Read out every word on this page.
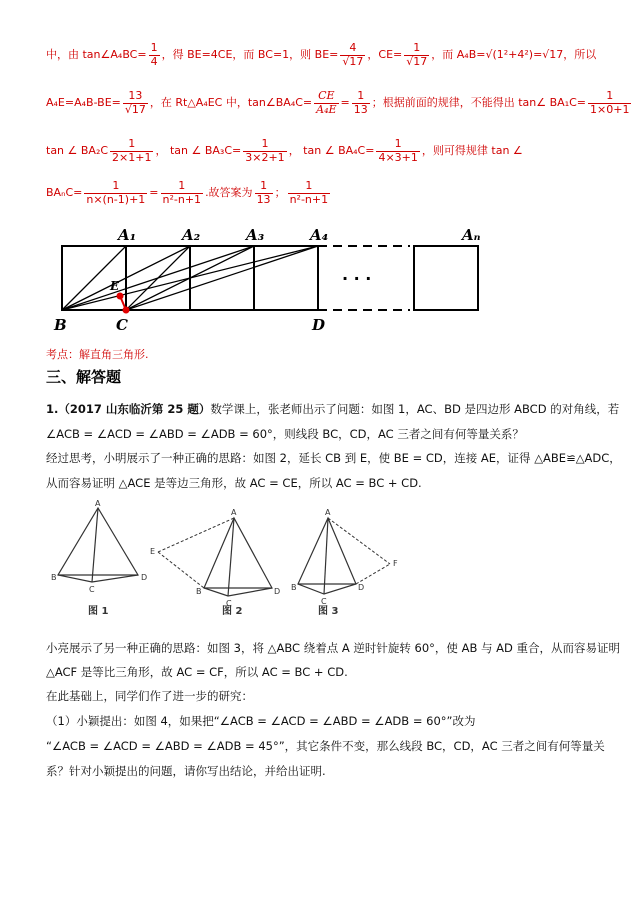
中，由 tan∠A₄BC= $\frac{1}{4}$ ，得 BE=4CE，而 BC=1，则 $BE= \frac{4}{√17}$ ，$CE= \frac{1}{√17}$ ，而 A₄B=√(1²+4²)=√17，所以
$A_4E=A_4B-BE= \frac{13}{√17}$ ，在 Rt△A₄EC 中，tan∠BA₄C= $\frac{CE}{\text{A₄E}} = \frac{1}{13}$ ；根据前面的规律，不能得出 tan∠ $BA_1C= \frac{1}{1\times 0+1}$
tan ∠ $BA_2C \frac{1}{2\times 1+1}$ ， tan ∠ $BA_3C= \frac{1}{3\times 2+1}$ ， tan ∠ $BA_4C= \frac{1}{4\times 3+1}$ ，则可得规律 tan ∠
$BA_nC= \frac{1}{n\times(n-1)+1} = \frac{1}{\text{n²-n+1}}$ .故答案为 $\frac{1}{13}$ ； $\frac{1}{\text{n²-n+1}}$
A₁	A₂	A₃	A₄	Aₙ
B	C	D
E	· · ·
考点：解直角三角形.
三、解答题
1.（2017 山东临沂第 25 题）数学课上，张老师出示了问题：如图 1，AC、BD 是四边形 ABCD 的对角线，若
∠ACB = ∠ACD = ∠ABD = ∠ADB = 60°，则线段 BC，CD，AC 三者之间有何等量关系？
经过思考，小明展示了一种正确的思路：如图 2，延长 CB 到 E，使 BE = CD，连接 AE，证得 △ABE≌△ADC，
从而容易证明 △ACE 是等边三角形，故 AC = CE，所以 AC = BC + CD.
A
B
C
D
图 1
A
E
B
C
D
图 2
A
B
C
D
F
图 3
小亮展示了另一种正确的思路：如图 3，将 △ABC 绕着点 A 逆时针旋转 60°，使 AB 与 AD 重合，从而容易证明
△ACF 是等比三角形，故 AC = CF，所以 AC = BC + CD.
在此基础上，同学们作了进一步的研究：
（1）小颖提出：如图 4，如果把“∠ACB = ∠ACD = ∠ABD = ∠ADB = 60°”改为
“∠ACB = ∠ACD = ∠ABD = ∠ADB = 45°”，其它条件不变，那么线段 BC，CD，AC 三者之间有何等量关
系？针对小颖提出的问题，请你写出结论，并给出证明.
